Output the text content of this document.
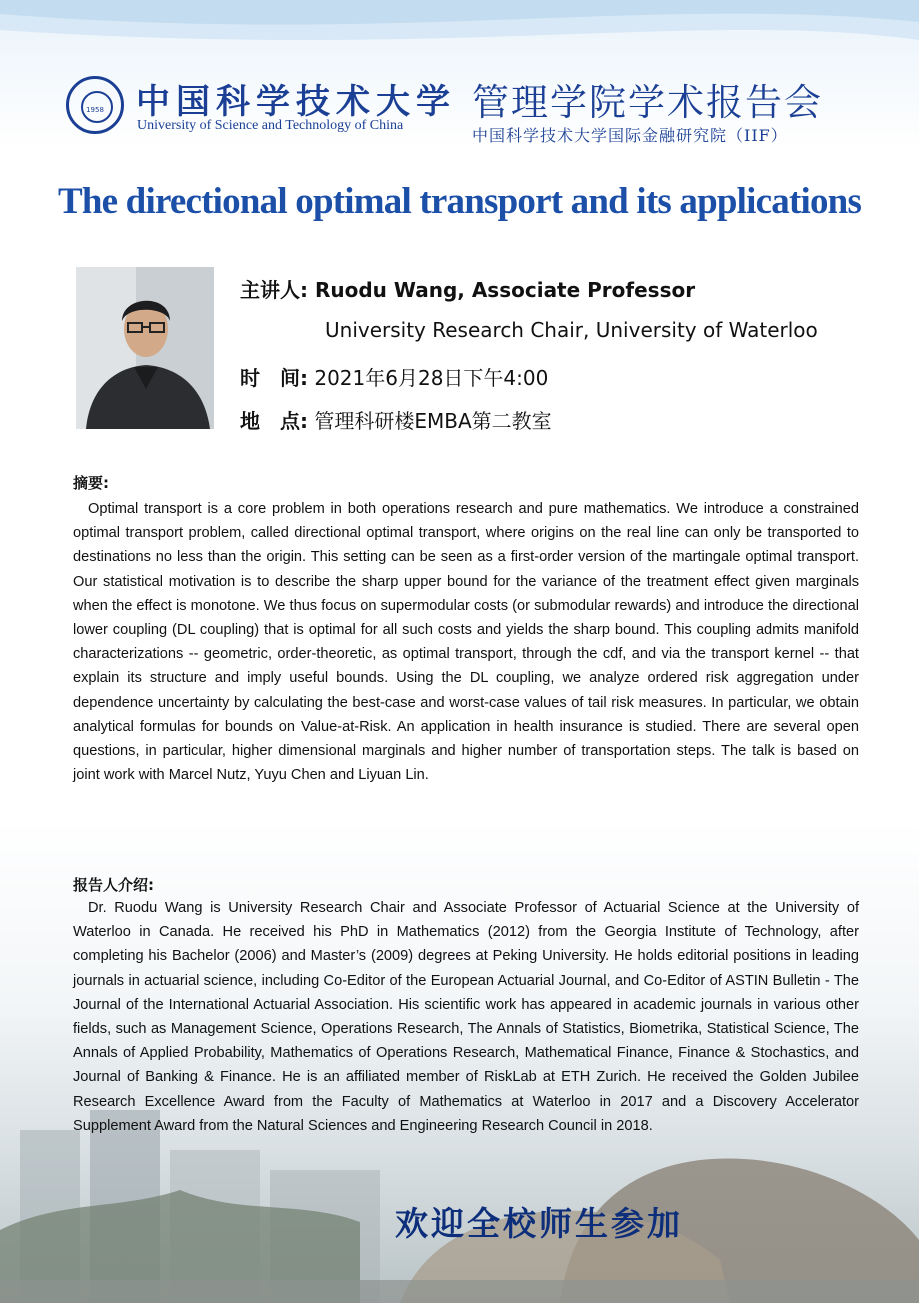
1958 中国科学技术大学
University of Science and Technology of China
管理学院学术报告会
中国科学技术大学国际金融研究院（IIF）
The directional optimal transport and its applications
主讲人: Ruodu Wang, Associate Professor
University Research Chair, University of Waterloo
时　间: 2021年6月28日下午4:00
地　点: 管理科研楼EMBA第二教室
摘要:
Optimal transport is a core problem in both operations research and pure mathematics. We introduce a constrained optimal transport problem, called directional optimal transport, where origins on the real line can only be transported to destinations no less than the origin. This setting can be seen as a first-order version of the martingale optimal transport. Our statistical motivation is to describe the sharp upper bound for the variance of the treatment effect given marginals when the effect is monotone. We thus focus on supermodular costs (or submodular rewards) and introduce the directional lower coupling (DL coupling) that is optimal for all such costs and yields the sharp bound. This coupling admits manifold characterizations -- geometric, order-theoretic, as optimal transport, through the cdf, and via the transport kernel -- that explain its structure and imply useful bounds. Using the DL coupling, we analyze ordered risk aggregation under dependence uncertainty by calculating the best-case and worst-case values of tail risk measures. In particular, we obtain analytical formulas for bounds on Value-at-Risk. An application in health insurance is studied. There are several open questions, in particular, higher dimensional marginals and higher number of transportation steps. The talk is based on joint work with Marcel Nutz, Yuyu Chen and Liyuan Lin.
报告人介绍:
Dr. Ruodu Wang is University Research Chair and Associate Professor of Actuarial Science at the University of Waterloo in Canada. He received his PhD in Mathematics (2012) from the Georgia Institute of Technology, after completing his Bachelor (2006) and Master’s (2009) degrees at Peking University. He holds editorial positions in leading journals in actuarial science, including Co-Editor of the European Actuarial Journal, and Co-Editor of ASTIN Bulletin - The Journal of the International Actuarial Association. His scientific work has appeared in academic journals in various other fields, such as Management Science, Operations Research, The Annals of Statistics, Biometrika, Statistical Science, The Annals of Applied Probability, Mathematics of Operations Research, Mathematical Finance, Finance & Stochastics, and Journal of Banking & Finance. He is an affiliated member of RiskLab at ETH Zurich. He received the Golden Jubilee Research Excellence Award from the Faculty of Mathematics at Waterloo in 2017 and a Discovery Accelerator Supplement Award from the Natural Sciences and Engineering Research Council in 2018.
欢迎全校师生参加
